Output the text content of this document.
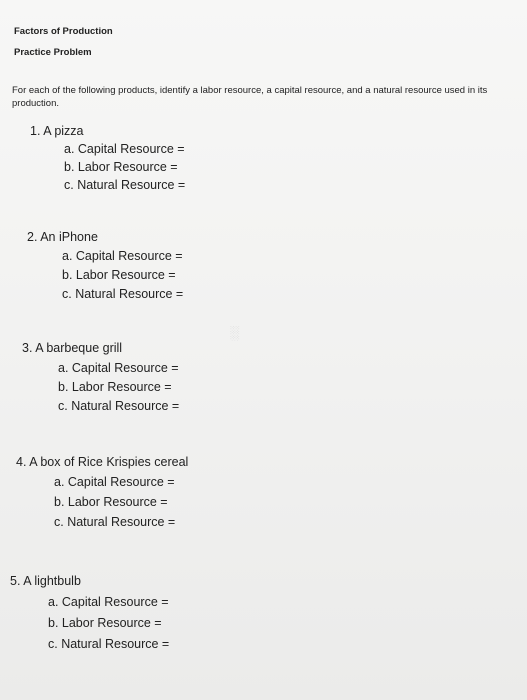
░
Factors of Production
Practice Problem
For each of the following products, identify a labor resource, a capital resource, and a natural resource used in its production.
1. A pizza
a. Capital Resource =
b. Labor Resource =
c. Natural Resource =
2. An iPhone
a. Capital Resource =
b. Labor Resource =
c. Natural Resource =
3. A barbeque grill
a. Capital Resource =
b. Labor Resource =
c. Natural Resource =
4. A box of Rice Krispies cereal
a. Capital Resource =
b. Labor Resource =
c. Natural Resource =
5. A lightbulb
a. Capital Resource =
b. Labor Resource =
c. Natural Resource =
